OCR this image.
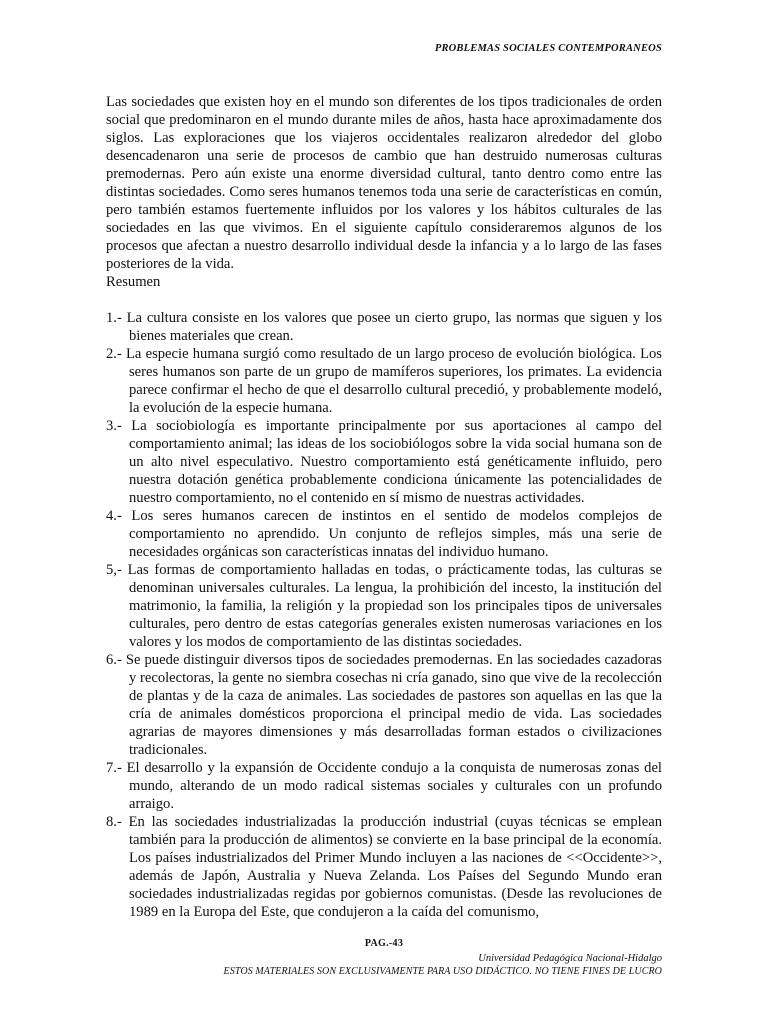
PROBLEMAS SOCIALES CONTEMPORANEOS

Las sociedades que existen hoy en el mundo son diferentes de los tipos tradicionales de orden social que predominaron en el mundo durante miles de años, hasta hace aproximadamente dos siglos. Las exploraciones que los viajeros occidentales realizaron alrededor del globo desencadenaron una serie de procesos de cambio que han destruido numerosas culturas premodernas. Pero aún existe una enorme diversidad cultural, tanto dentro como entre las distintas sociedades. Como seres humanos tenemos toda una serie de características en común, pero también estamos fuertemente influidos por los valores y los hábitos culturales de las sociedades en las que vivimos. En el siguiente capítulo consideraremos algunos de los procesos que afectan a nuestro desarrollo individual desde la infancia y a lo largo de las fases posteriores de la vida.

Resumen

1.- La cultura consiste en los valores que posee un cierto grupo, las normas que siguen y los bienes materiales que crean.
2.- La especie humana surgió como resultado de un largo proceso de evolución biológica. Los seres humanos son parte de un grupo de mamíferos superiores, los primates. La evidencia parece confirmar el hecho de que el desarrollo cultural precedió, y probablemente modeló, la evolución de la especie humana.
3.- La sociobiología es importante principalmente por sus aportaciones al campo del comportamiento animal; las ideas de los sociobiólogos sobre la vida social humana son de un alto nivel especulativo. Nuestro comportamiento está genéticamente influido, pero nuestra dotación genética probablemente condiciona únicamente las potencialidades de nuestro comportamiento, no el contenido en sí mismo de nuestras actividades.
4.- Los seres humanos carecen de instintos en el sentido de modelos complejos de comportamiento no aprendido. Un conjunto de reflejos simples, más una serie de necesidades orgánicas son características innatas del individuo humano.
5,- Las formas de comportamiento halladas en todas, o prácticamente todas, las culturas se denominan universales culturales. La lengua, la prohibición del incesto, la institución del matrimonio, la familia, la religión y la propiedad son los principales tipos de universales culturales, pero dentro de estas categorías generales existen numerosas variaciones en los valores y los modos de comportamiento de las distintas sociedades.
6.- Se puede distinguir diversos tipos de sociedades premodernas. En las sociedades cazadoras y recolectoras, la gente no siembra cosechas ni cría ganado, sino que vive de la recolección de plantas y de la caza de animales. Las sociedades de pastores son aquellas en las que la cría de animales domésticos proporciona el principal medio de vida. Las sociedades agrarias de mayores dimensiones y más desarrolladas forman estados o civilizaciones tradicionales.
7.- El desarrollo y la expansión de Occidente condujo a la conquista de numerosas zonas del mundo, alterando de un modo radical sistemas sociales y culturales con un profundo arraigo.
8.- En las sociedades industrializadas la producción industrial (cuyas técnicas se emplean también para la producción de alimentos) se convierte en la base principal de la economía. Los países industrializados del Primer Mundo incluyen a las naciones de <<Occidente>>, además de Japón, Australia y Nueva Zelanda. Los Países del Segundo Mundo eran sociedades industrializadas regidas por gobiernos comunistas. (Desde las revoluciones de 1989 en la Europa del Este, que condujeron a la caída del comunismo,
PAG.-43
Universidad Pedagógica Nacional-Hidalgo
ESTOS MATERIALES SON EXCLUSIVAMENTE PARA USO DIDÁCTICO. NO TIENE FINES DE LUCRO
